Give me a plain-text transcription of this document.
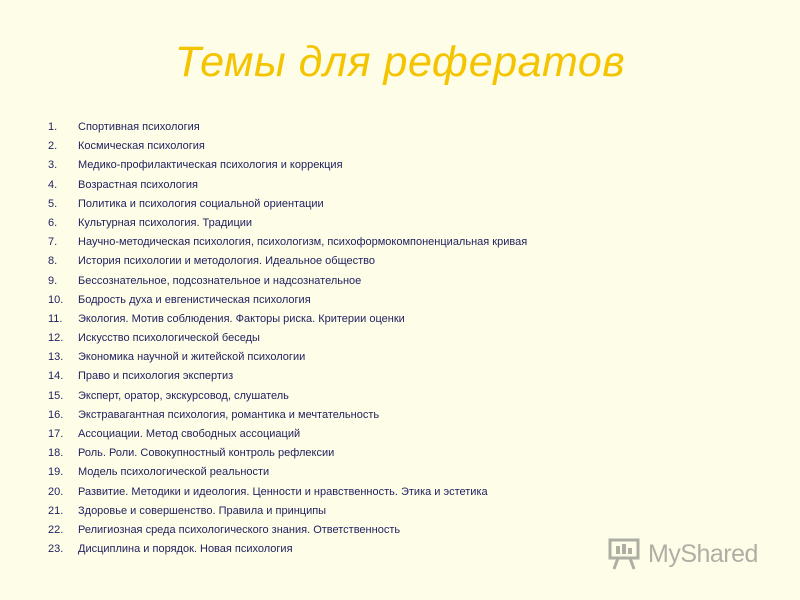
Темы для рефератов
1. Спортивная психология
2. Космическая психология
3. Медико-профилактическая психология и коррекция
4. Возрастная психология
5. Политика и психология социальной ориентации
6. Культурная психология. Традиции
7. Научно-методическая психология, психологизм, психоформокомпоненциальная кривая
8. История психологии и методология. Идеальное общество
9. Бессознательное, подсознательное и надсознательное
10. Бодрость духа и евгенистическая психология
11. Экология. Мотив соблюдения. Факторы риска. Критерии оценки
12. Искусство психологической беседы
13. Экономика научной и житейской психологии
14. Право и психология экспертиз
15. Эксперт, оратор, экскурсовод, слушатель
16. Экстравагантная психология, романтика и мечтательность
17. Ассоциации. Метод свободных ассоциаций
18. Роль. Роли. Совокупностный контроль рефлексии
19. Модель психологической реальности
20. Развитие. Методики и идеология. Ценности и нравственность. Этика и эстетика
21. Здоровье и совершенство. Правила и принципы
22. Религиозная среда психологического знания. Ответственность
23. Дисциплина и порядок. Новая психология	MyShared
